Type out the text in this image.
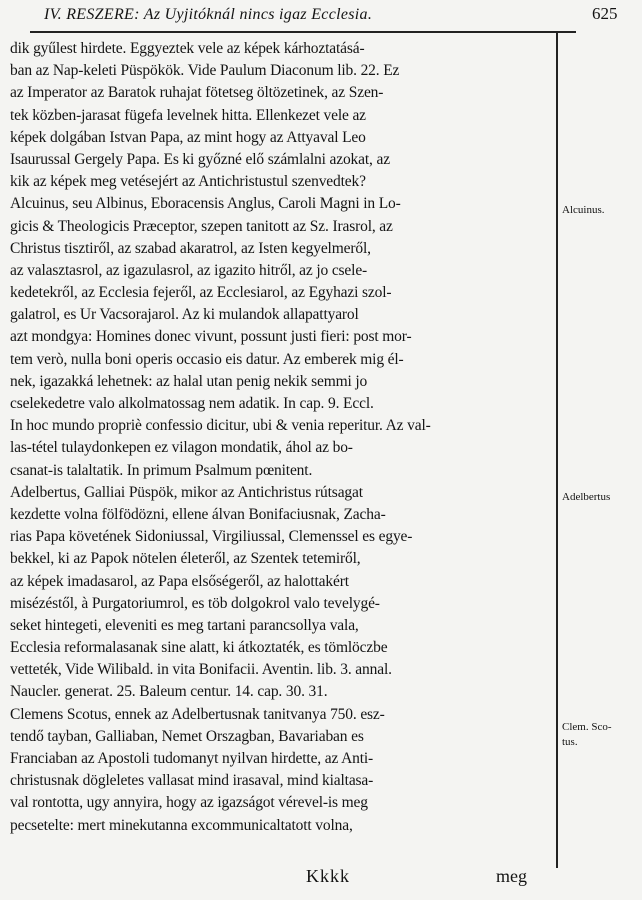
IV. RESZERE: Az Uyjitóknál nincs igaz Ecclesia.	625
dik gyűlest hirdete. Eggyeztek vele az képek kárhoztatásá-
ban az Nap-keleti Püspökök. Vide Paulum Diaconum lib. 22. Ez
az Imperator az Baratok ruhajat fötetseg öltözetinek, az Szen-
tek közben-jarasat fügefa levelnek hitta. Ellenkezet vele az
képek dolgában Istvan Papa, az mint hogy az Attyaval Leo
Isaurussal Gergely Papa. Es ki győzné elő számlalni azokat, az
kik az képek meg vetésejért az Antichristustul szenvedtek?
Alcuinus, seu Albinus, Eboracensis Anglus, Caroli Magni in Lo-
gicis & Theologicis Præceptor, szepen tanitott az Sz. Irasrol, az
Christus tisztiről, az szabad akaratrol, az Isten kegyelmeről,
az valasztasrol, az igazulasrol, az igazito hitről, az jo csele-
kedetekről, az Ecclesia fejeről, az Ecclesiarol, az Egyhazi szol-
galatrol, es Ur Vacsorajarol. Az ki mulandok allapattyarol
azt mondgya: Homines donec vivunt, possunt justi fieri: post mor-
tem verò, nulla boni operis occasio eis datur. Az emberek mig él-
nek, igazakká lehetnek: az halal utan penig nekik semmi jo
cselekedetre valo alkolmatossag nem adatik. In cap. 9. Eccl.
In hoc mundo propriè confessio dicitur, ubi & venia reperitur. Az val-
las-tétel tulaydonkepen ez vilagon mondatik, áhol az bo-
csanat-is talaltatik. In primum Psalmum pœnitent.
Adelbertus, Galliai Püspök, mikor az Antichristus rútsagat
kezdette volna fölfödözni, ellene álvan Bonifaciusnak, Zacha-
rias Papa követének Sidoniussal, Virgiliussal, Clemenssel es egye-
bekkel, ki az Papok nötelen életeről, az Szentek tetemiről,
az képek imadasarol, az Papa elsőségeről, az halottakért
misézéstől, à Purgatoriumrol, es töb dolgokrol valo tevelygé-
seket hintegeti, eleveniti es meg tartani parancsollya vala,
Ecclesia reformalasanak sine alatt, ki átkoztaték, es tömlöczbe
vetteték, Vide Wilibald. in vita Bonifacii. Aventin. lib. 3. annal.
Naucler. generat. 25. Baleum centur. 14. cap. 30. 31.
Clemens Scotus, ennek az Adelbertusnak tanitvanya 750. esz-
tendő tayban, Galliaban, Nemet Orszagban, Bavariaban es
Franciaban az Apostoli tudomanyt nyilvan hirdette, az Anti-
christusnak dögleletes vallasat mind irasaval, mind kialtasa-
val rontotta, ugy annyira, hogy az igazságot vérevel-is meg
pecsetelte: mert minekutanna excommunicaltatott volna,
Alcuinus.
Adelbertus
Clem. Sco-
tus.
Kkkk	meg
